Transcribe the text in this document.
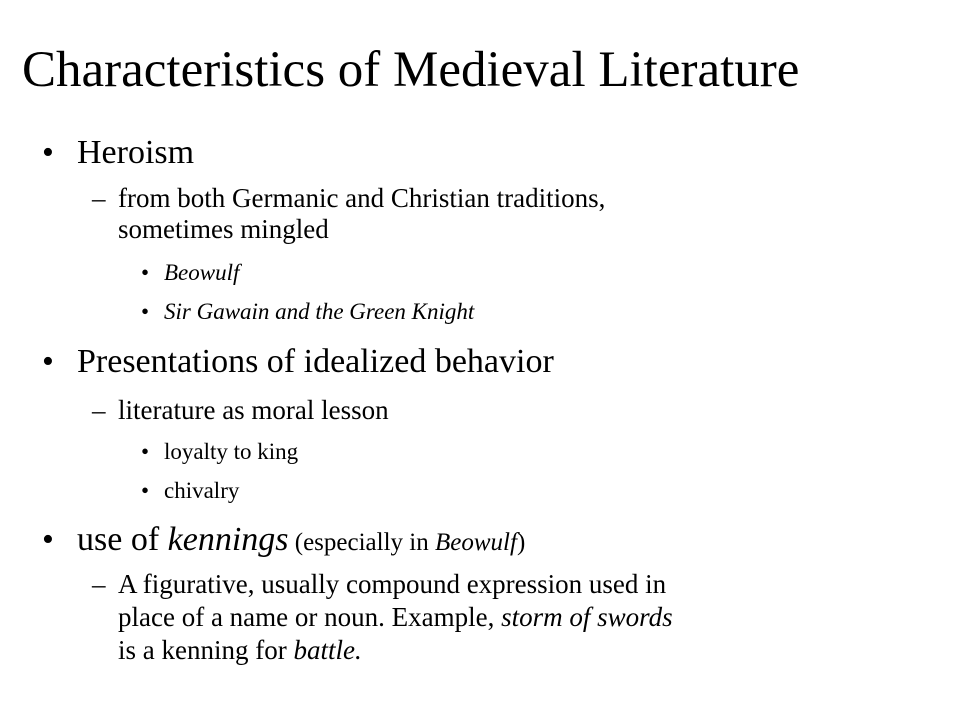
Characteristics of Medieval Literature
• Heroism
– from both Germanic and Christian traditions,
sometimes mingled
• Beowulf
• Sir Gawain and the Green Knight
• Presentations of idealized behavior
– literature as moral lesson
• loyalty to king
• chivalry
• use of kennings (especially in Beowulf)
– A figurative, usually compound expression used in
place of a name or noun. Example, storm of swords
is a kenning for battle.
